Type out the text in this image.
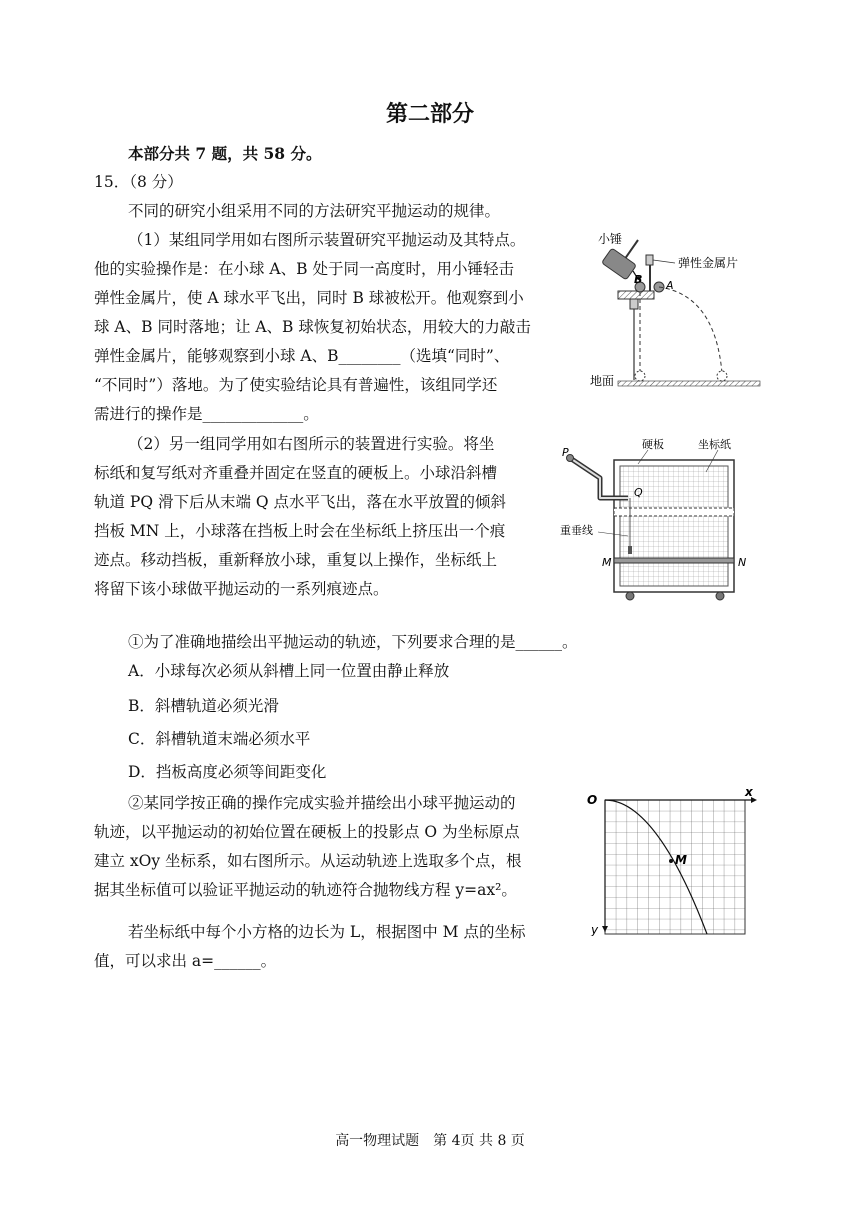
第二部分
本部分共 7 题，共 58 分。
15．（8 分）
不同的研究小组采用不同的方法研究平抛运动的规律。
（1）某组同学用如右图所示装置研究平抛运动及其特点。
他的实验操作是：在小球 A、B 处于同一高度时，用小锤轻击
弹性金属片，使 A 球水平飞出，同时 B 球被松开。他观察到小
球 A、B 同时落地；让 A、B 球恢复初始状态，用较大的力敲击
弹性金属片，能够观察到小球 A、B________（选填“同时”、
“不同时”）落地。为了使实验结论具有普遍性，该组同学还
需进行的操作是_____________。
小锤
弹性金属片
B A
地面
（2）另一组同学用如右图所示的装置进行实验。将坐
标纸和复写纸对齐重叠并固定在竖直的硬板上。小球沿斜槽
轨道 PQ 滑下后从末端 Q 点水平飞出，落在水平放置的倾斜
挡板 MN 上，小球落在挡板上时会在坐标纸上挤压出一个痕
迹点。移动挡板，重新释放小球，重复以上操作，坐标纸上
将留下该小球做平抛运动的一系列痕迹点。
P
Q
硬板	坐标纸
重垂线
M	N
①为了准确地描绘出平抛运动的轨迹，下列要求合理的是______。
A．小球每次必须从斜槽上同一位置由静止释放
B．斜槽轨道必须光滑
C．斜槽轨道末端必须水平
D．挡板高度必须等间距变化
②某同学按正确的操作完成实验并描绘出小球平抛运动的
轨迹，以平抛运动的初始位置在硬板上的投影点 O 为坐标原点
建立 xOy 坐标系，如右图所示。从运动轨迹上选取多个点，根
据其坐标值可以验证平抛运动的轨迹符合抛物线方程 y=ax²。
若坐标纸中每个小方格的边长为 L，根据图中 M 点的坐标
值，可以求出 a=______。
O
x
y
M
高一物理试题　第 4页 共 8 页
